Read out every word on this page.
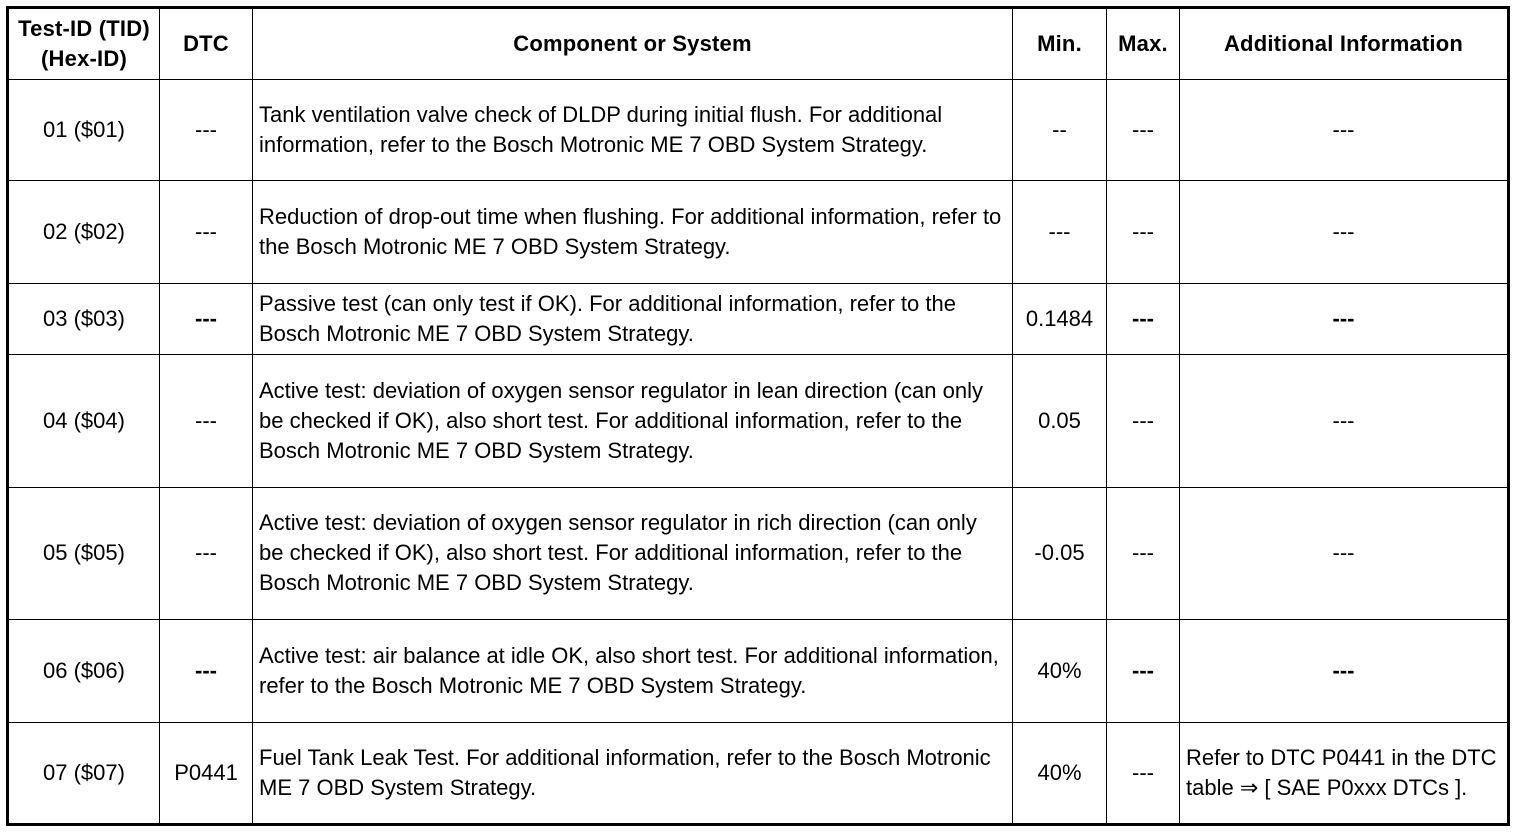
Test-ID (TID)
(Hex-ID)	DTC	Component or System	Min.	Max.	Additional Information
01 ($01)	---	Tank ventilation valve check of DLDP during initial flush. For additional information, refer to the Bosch Motronic ME 7 OBD System Strategy.	--	---	---
02 ($02)	---	Reduction of drop-out time when flushing. For additional information, refer to the Bosch Motronic ME 7 OBD System Strategy.	---	---	---
03 ($03)	---	Passive test (can only test if OK). For additional information, refer to the Bosch Motronic ME 7 OBD System Strategy.	0.1484	---	---
04 ($04)	---	Active test: deviation of oxygen sensor regulator in lean direction (can only be checked if OK), also short test. For additional information, refer to the Bosch Motronic ME 7 OBD System Strategy.	0.05	---	---
05 ($05)	---	Active test: deviation of oxygen sensor regulator in rich direction (can only be checked if OK), also short test. For additional information, refer to the Bosch Motronic ME 7 OBD System Strategy.	-0.05	---	---
06 ($06)	---	Active test: air balance at idle OK, also short test. For additional information, refer to the Bosch Motronic ME 7 OBD System Strategy.	40%	---	---
07 ($07)	P0441	Fuel Tank Leak Test. For additional information, refer to the Bosch Motronic ME 7 OBD System Strategy.	40%	---	Refer to DTC P0441 in the DTC table ⇒ [ SAE P0xxx DTCs ].
